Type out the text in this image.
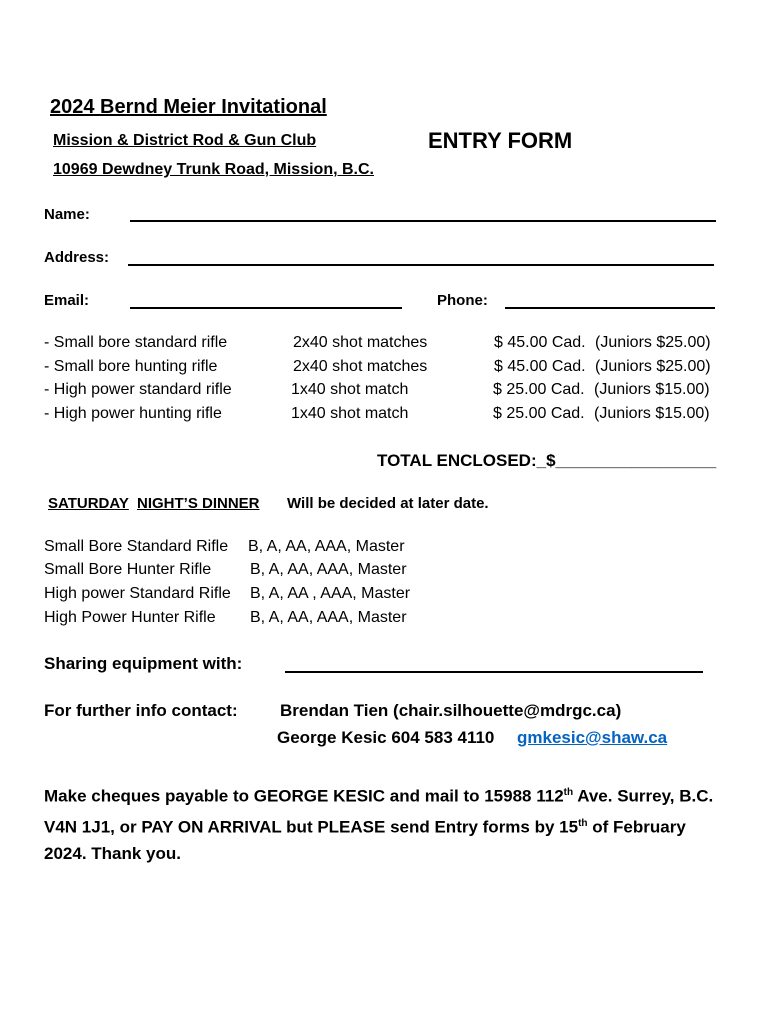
2024 Bernd Meier Invitational
Mission & District Rod & Gun Club	ENTRY FORM
10969 Dewdney Trunk Road, Mission, B.C.
Name:
Address:
Email:	Phone:
- Small bore standard rifle	2x40 shot matches	$ 45.00 Cad. (Juniors $25.00)
- Small bore hunting rifle	2x40 shot matches	$ 45.00 Cad. (Juniors $25.00)
- High power standard rifle	1x40 shot match	$ 25.00 Cad. (Juniors $15.00)
- High power hunting rifle	1x40 shot match	$ 25.00 Cad. (Juniors $15.00)
TOTAL ENCLOSED:_$_________________
SATURDAY NIGHT’S DINNER Will be decided at later date.
Small Bore Standard Rifle B, A, AA, AAA, Master
Small Bore Hunter Rifle B, A, AA, AAA, Master
High power Standard Rifle B, A, AA , AAA, Master
High Power Hunter Rifle B, A, AA, AAA, Master
Sharing equipment with:
For further info contact: Brendan Tien (chair.silhouette@mdrgc.ca)
George Kesic 604 583 4110 gmkesic@shaw.ca
Make cheques payable to GEORGE KESIC and mail to 15988 112th Ave. Surrey, B.C. V4N 1J1, or PAY ON ARRIVAL but PLEASE send Entry forms by 15th of February 2024. Thank you.
